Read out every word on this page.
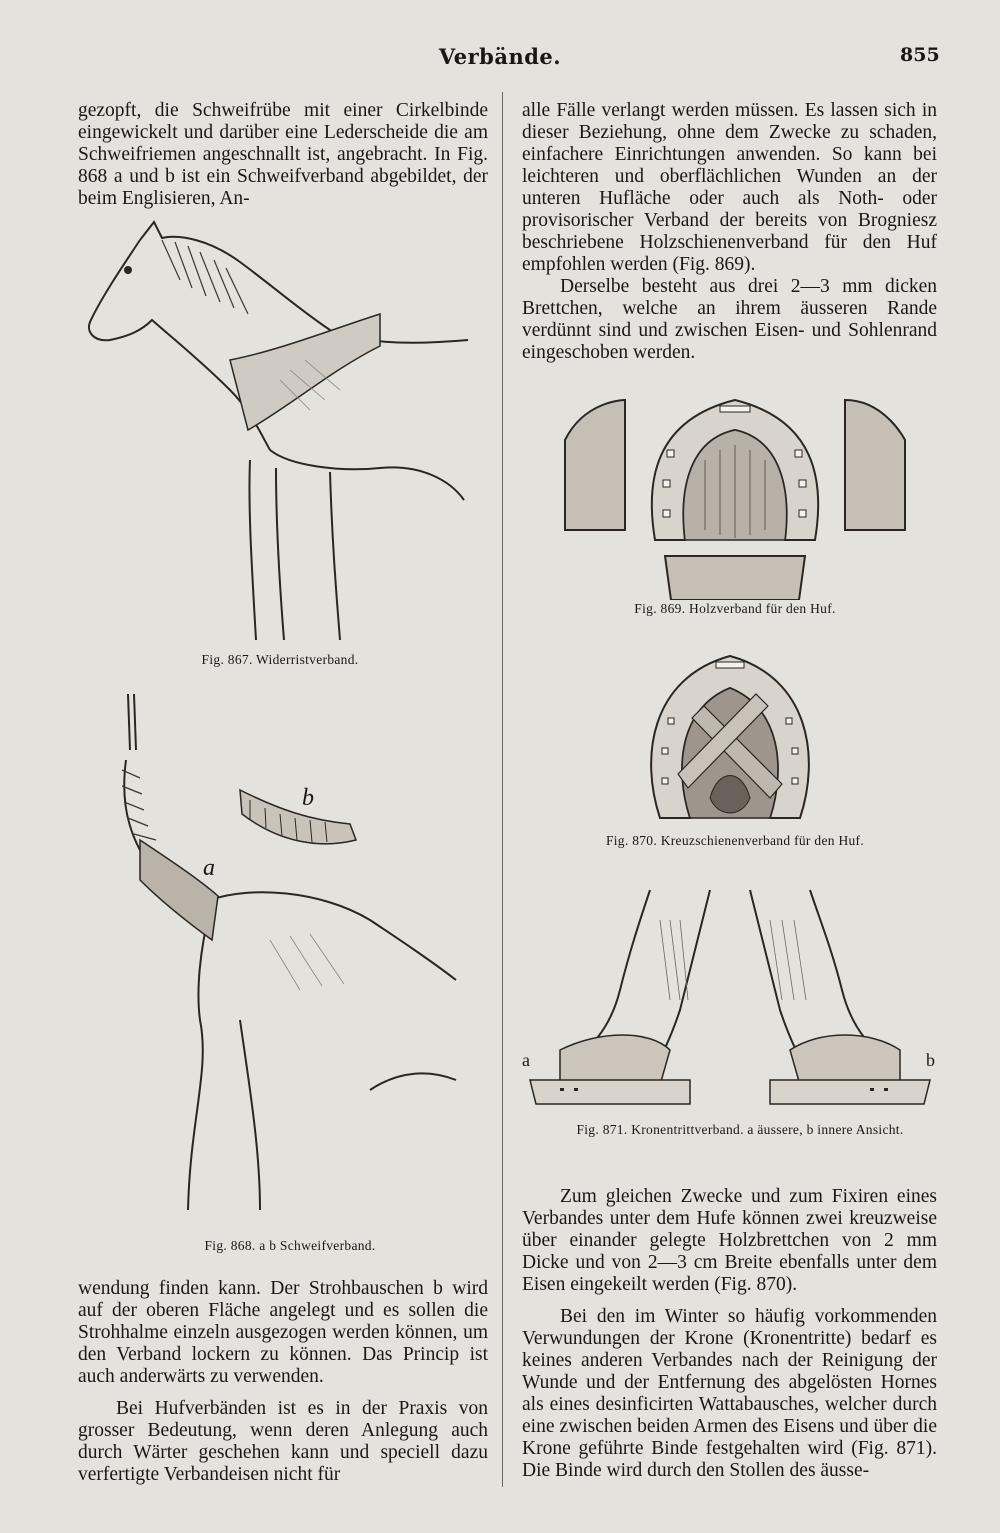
Verbände.	855

gezopft, die Schweifrübe mit einer Cirkelbinde eingewickelt und darüber eine Lederscheide die am Schweifriemen angeschnallt ist, angebracht. In Fig. 868 a und b ist ein Schweifverband abgebildet, der beim Englisieren, An-

Fig. 867. Widerristverband.
a
b
Fig. 868. a b Schweifverband.

wendung finden kann. Der Strohbauschen b wird auf der oberen Fläche angelegt und es sollen die Strohhalme einzeln ausgezogen werden können, um den Verband lockern zu können. Das Princip ist auch anderwärts zu verwenden.

Bei Hufverbänden ist es in der Praxis von grosser Bedeutung, wenn deren Anlegung auch durch Wärter geschehen kann und speciell dazu verfertigte Verbandeisen nicht für

alle Fälle verlangt werden müssen. Es lassen sich in dieser Beziehung, ohne dem Zwecke zu schaden, einfachere Einrichtungen anwenden. So kann bei leichteren und oberflächlichen Wunden an der unteren Hufläche oder auch als Noth- oder provisorischer Verband der bereits von Brogniesz beschriebene Holzschienenverband für den Huf empfohlen werden (Fig. 869).

Derselbe besteht aus drei 2—3 mm dicken Brettchen, welche an ihrem äusseren Rande verdünnt sind und zwischen Eisen- und Sohlenrand eingeschoben werden.

Fig. 869. Holzverband für den Huf.
Fig. 870. Kreuzschienenverband für den Huf.
a	b
Fig. 871. Kronentrittverband. a äussere, b innere Ansicht.

Zum gleichen Zwecke und zum Fixiren eines Verbandes unter dem Hufe können zwei kreuzweise über einander gelegte Holzbrettchen von 2 mm Dicke und von 2—3 cm Breite ebenfalls unter dem Eisen eingekeilt werden (Fig. 870).

Bei den im Winter so häufig vorkommenden Verwundungen der Krone (Kronentritte) bedarf es keines anderen Verbandes nach der Reinigung der Wunde und der Entfernung des abgelösten Hornes als eines desinficirten Wattabausches, welcher durch eine zwischen beiden Armen des Eisens und über die Krone geführte Binde festgehalten wird (Fig. 871). Die Binde wird durch den Stollen des äusse-
